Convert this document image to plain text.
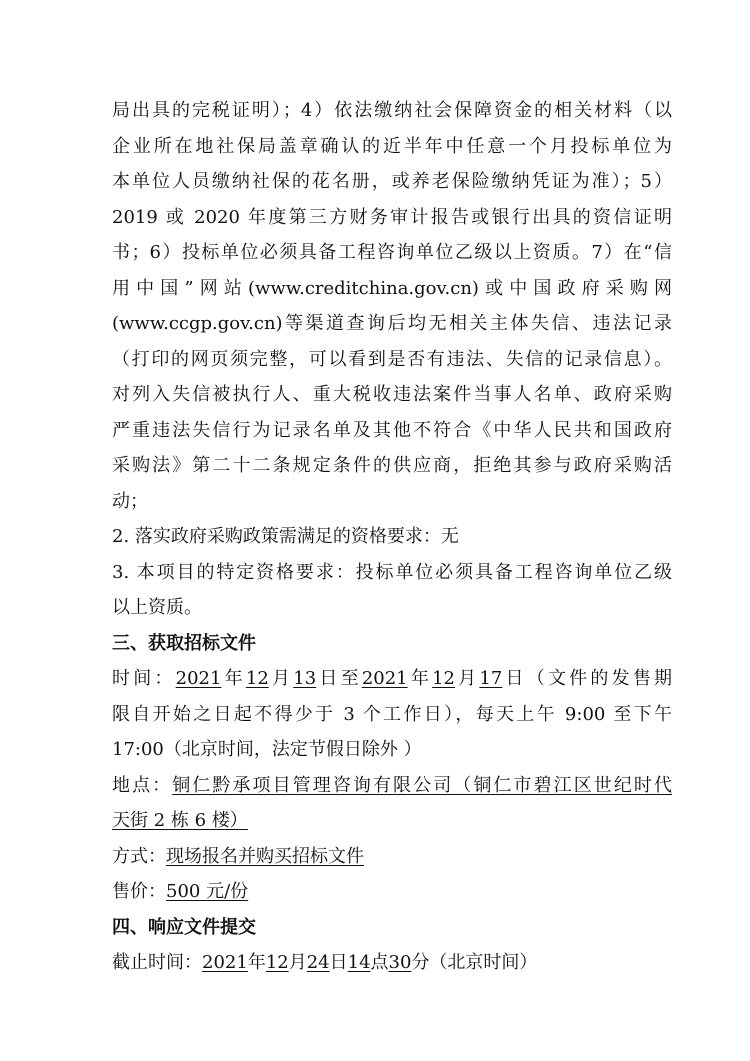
局出具的完税证明）；4）依法缴纳社会保障资金的相关材料（以
企业所在地社保局盖章确认的近半年中任意一个月投标单位为
本单位人员缴纳社保的花名册，或养老保险缴纳凭证为准）；5）
2019 或 2020 年度第三方财务审计报告或银行出具的资信证明
书；6）投标单位必须具备工程咨询单位乙级以上资质。7）在“信
用中国”网站(www.creditchina.gov.cn)或中国政府采购网
(www.ccgp.gov.cn)等渠道查询后均无相关主体失信、违法记录
（打印的网页须完整，可以看到是否有违法、失信的记录信息）。
对列入失信被执行人、重大税收违法案件当事人名单、政府采购
严重违法失信行为记录名单及其他不符合《中华人民共和国政府
采购法》第二十二条规定条件的供应商，拒绝其参与政府采购活
动；
2. 落实政府采购政策需满足的资格要求：无
3. 本项目的特定资格要求：投标单位必须具备工程咨询单位乙级
以上资质。
三、获取招标文件
时间：2021年12月13日至2021年12月17日（文件的发售期
限自开始之日起不得少于 3 个工作日），每天上午 9:00 至下午
17:00（北京时间，法定节假日除外 ）
地点：铜仁黔承项目管理咨询有限公司（铜仁市碧江区世纪时代
天街 2 栋 6 楼）
方式：现场报名并购买招标文件
售价：500 元/份
四、响应文件提交
截止时间：2021年12月24日14点30分（北京时间）
